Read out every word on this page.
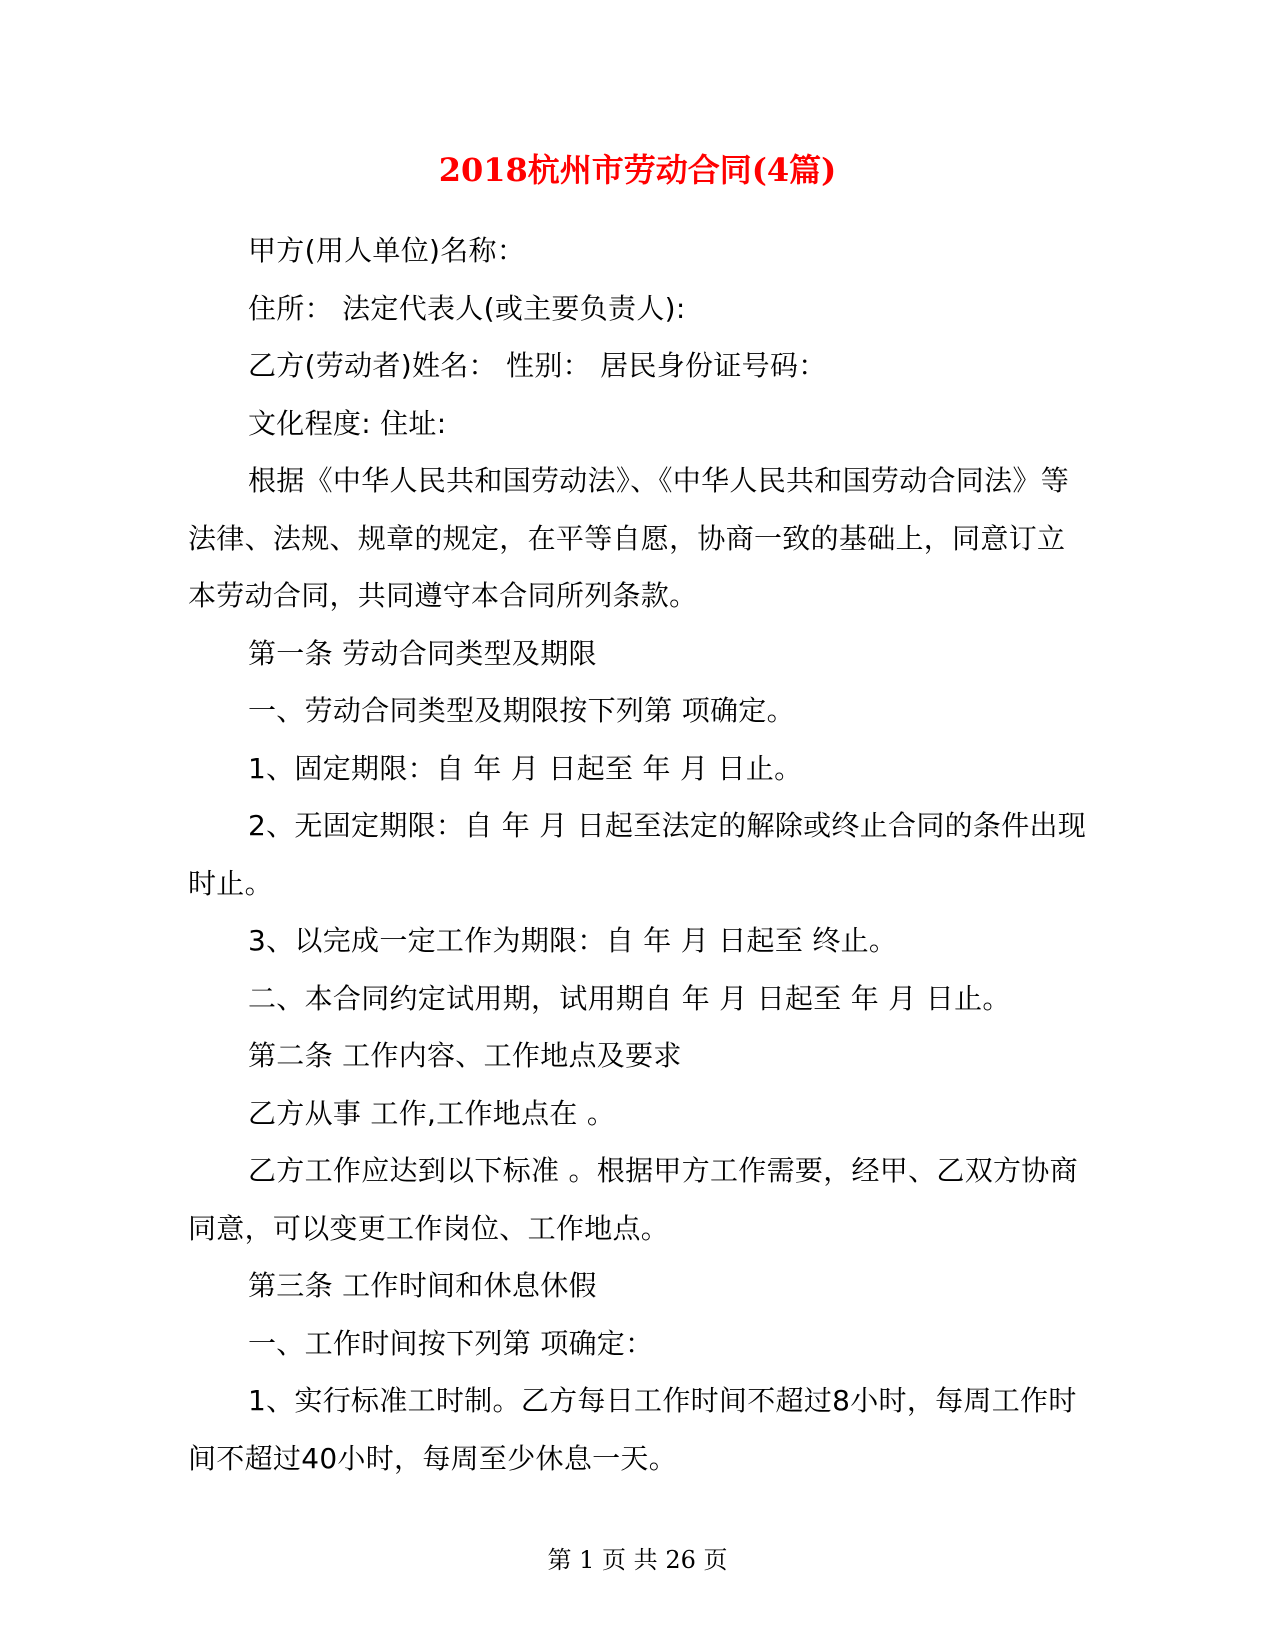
2018杭州市劳动合同(4篇)

甲方(用人单位)名称：

住所： 法定代表人(或主要负责人):

乙方(劳动者)姓名： 性别： 居民身份证号码：

文化程度: 住址:

根据《中华人民共和国劳动法》、《中华人民共和国劳动合同法》等法律、法规、规章的规定，在平等自愿，协商一致的基础上，同意订立本劳动合同，共同遵守本合同所列条款。

第一条 劳动合同类型及期限

一、劳动合同类型及期限按下列第 项确定。

1、固定期限：自 年 月 日起至 年 月 日止。

2、无固定期限：自 年 月 日起至法定的解除或终止合同的条件出现时止。

3、以完成一定工作为期限：自 年 月 日起至 终止。

二、本合同约定试用期，试用期自 年 月 日起至 年 月 日止。

第二条 工作内容、工作地点及要求

乙方从事 工作,工作地点在 。

乙方工作应达到以下标准 。根据甲方工作需要，经甲、乙双方协商同意，可以变更工作岗位、工作地点。

第三条 工作时间和休息休假

一、工作时间按下列第 项确定：

1、实行标准工时制。乙方每日工作时间不超过8小时，每周工作时间不超过40小时，每周至少休息一天。

第 1 页 共 26 页
